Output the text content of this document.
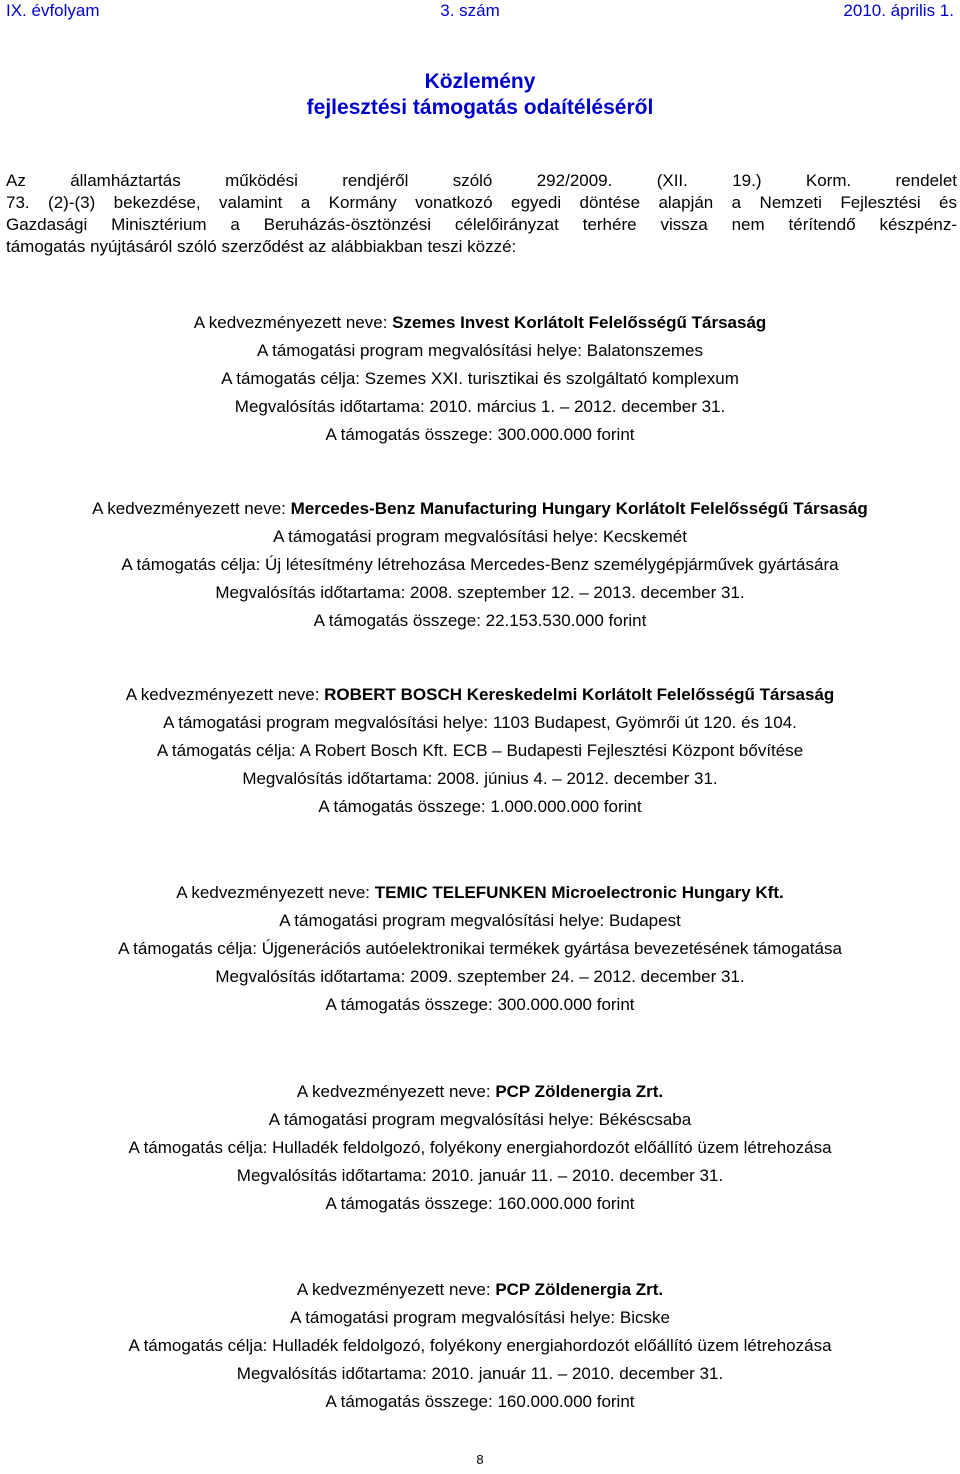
IX. évfolyam	3. szám	2010. április 1.
Közlemény
fejlesztési támogatás odaítéléséről
Az államháztartás működési rendjéről szóló 292/2009. (XII. 19.) Korm. rendelet
73. (2)-(3) bekezdése, valamint a Kormány vonatkozó egyedi döntése alapján a Nemzeti Fejlesztési és
Gazdasági Minisztérium a Beruházás-ösztönzési célelőirányzat terhére vissza nem térítendő készpénz-
támogatás nyújtásáról szóló szerződést az alábbiakban teszi közzé:
A kedvezményezett neve: Szemes Invest Korlátolt Felelősségű Társaság
A támogatási program megvalósítási helye: Balatonszemes
A támogatás célja: Szemes XXI. turisztikai és szolgáltató komplexum
Megvalósítás időtartama: 2010. március 1. – 2012. december 31.
A támogatás összege: 300.000.000 forint
A kedvezményezett neve: Mercedes-Benz Manufacturing Hungary Korlátolt Felelősségű Társaság
A támogatási program megvalósítási helye: Kecskemét
A támogatás célja: Új létesítmény létrehozása Mercedes-Benz személygépjárművek gyártására
Megvalósítás időtartama: 2008. szeptember 12. – 2013. december 31.
A támogatás összege: 22.153.530.000 forint
A kedvezményezett neve: ROBERT BOSCH Kereskedelmi Korlátolt Felelősségű Társaság
A támogatási program megvalósítási helye: 1103 Budapest, Gyömrői út 120. és 104.
A támogatás célja: A Robert Bosch Kft. ECB – Budapesti Fejlesztési Központ bővítése
Megvalósítás időtartama: 2008. június 4. – 2012. december 31.
A támogatás összege: 1.000.000.000 forint
A kedvezményezett neve: TEMIC TELEFUNKEN Microelectronic Hungary Kft.
A támogatási program megvalósítási helye: Budapest
A támogatás célja: Újgenerációs autóelektronikai termékek gyártása bevezetésének támogatása
Megvalósítás időtartama: 2009. szeptember 24. – 2012. december 31.
A támogatás összege: 300.000.000 forint
A kedvezményezett neve: PCP Zöldenergia Zrt.
A támogatási program megvalósítási helye: Békéscsaba
A támogatás célja: Hulladék feldolgozó, folyékony energiahordozót előállító üzem létrehozása
Megvalósítás időtartama: 2010. január 11. – 2010. december 31.
A támogatás összege: 160.000.000 forint
A kedvezményezett neve: PCP Zöldenergia Zrt.
A támogatási program megvalósítási helye: Bicske
A támogatás célja: Hulladék feldolgozó, folyékony energiahordozót előállító üzem létrehozása
Megvalósítás időtartama: 2010. január 11. – 2010. december 31.
A támogatás összege: 160.000.000 forint
8
